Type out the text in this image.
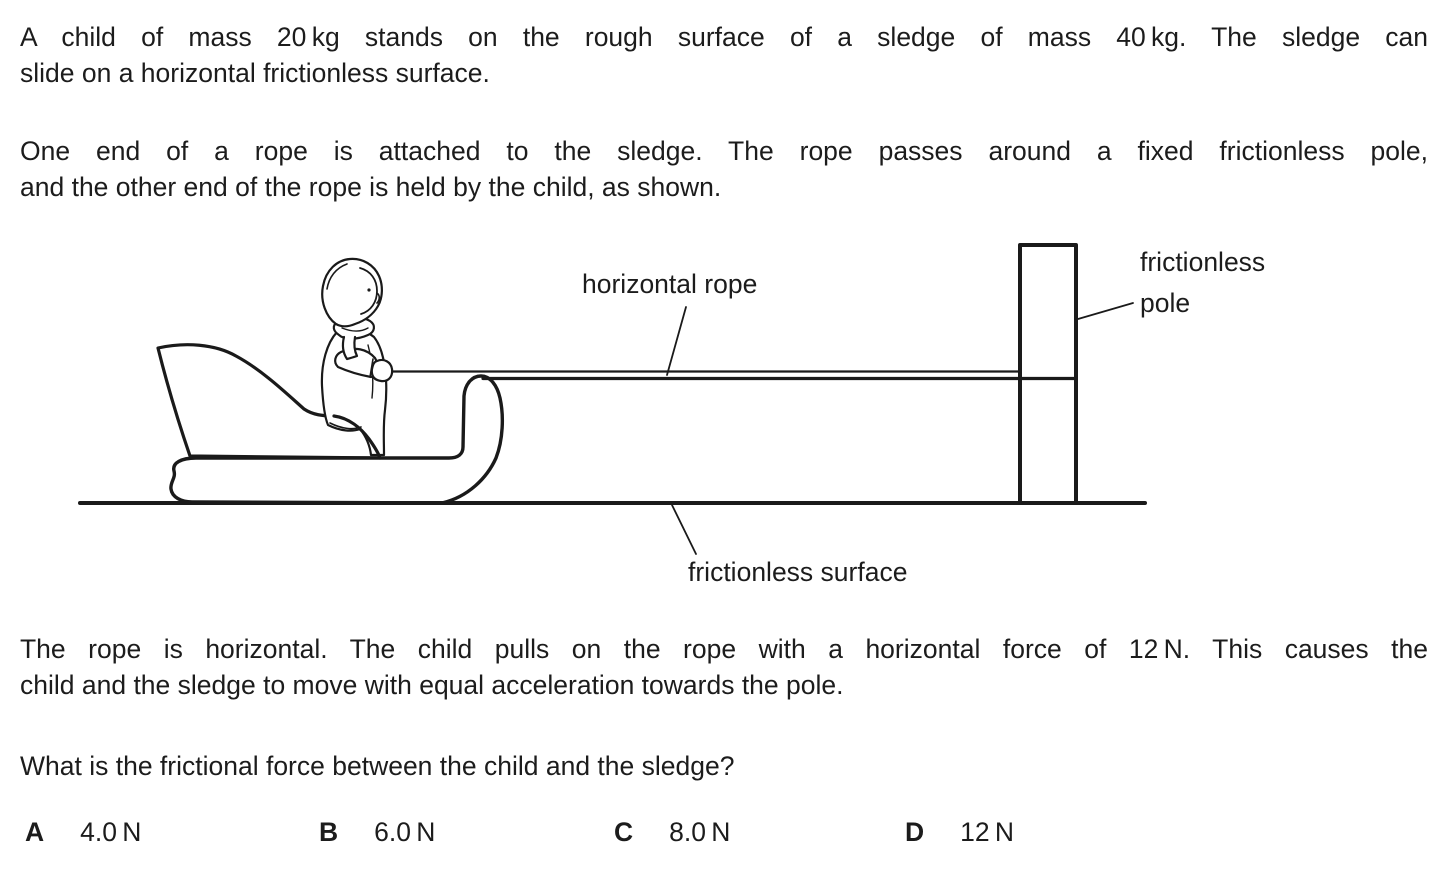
A child of mass 20 kg stands on the rough surface of a sledge of mass 40 kg. The sledge can
slide on a horizontal frictionless surface.
One end of a rope is attached to the sledge. The rope passes around a fixed frictionless pole,
and the other end of the rope is held by the child, as shown.
horizontal rope
frictionless pole
frictionless surface
The rope is horizontal. The child pulls on the rope with a horizontal force of 12 N. This causes the
child and the sledge to move with equal acceleration towards the pole.
What is the frictional force between the child and the sledge?
A 4.0 N	B 6.0 N	C 8.0 N	D 12 N
